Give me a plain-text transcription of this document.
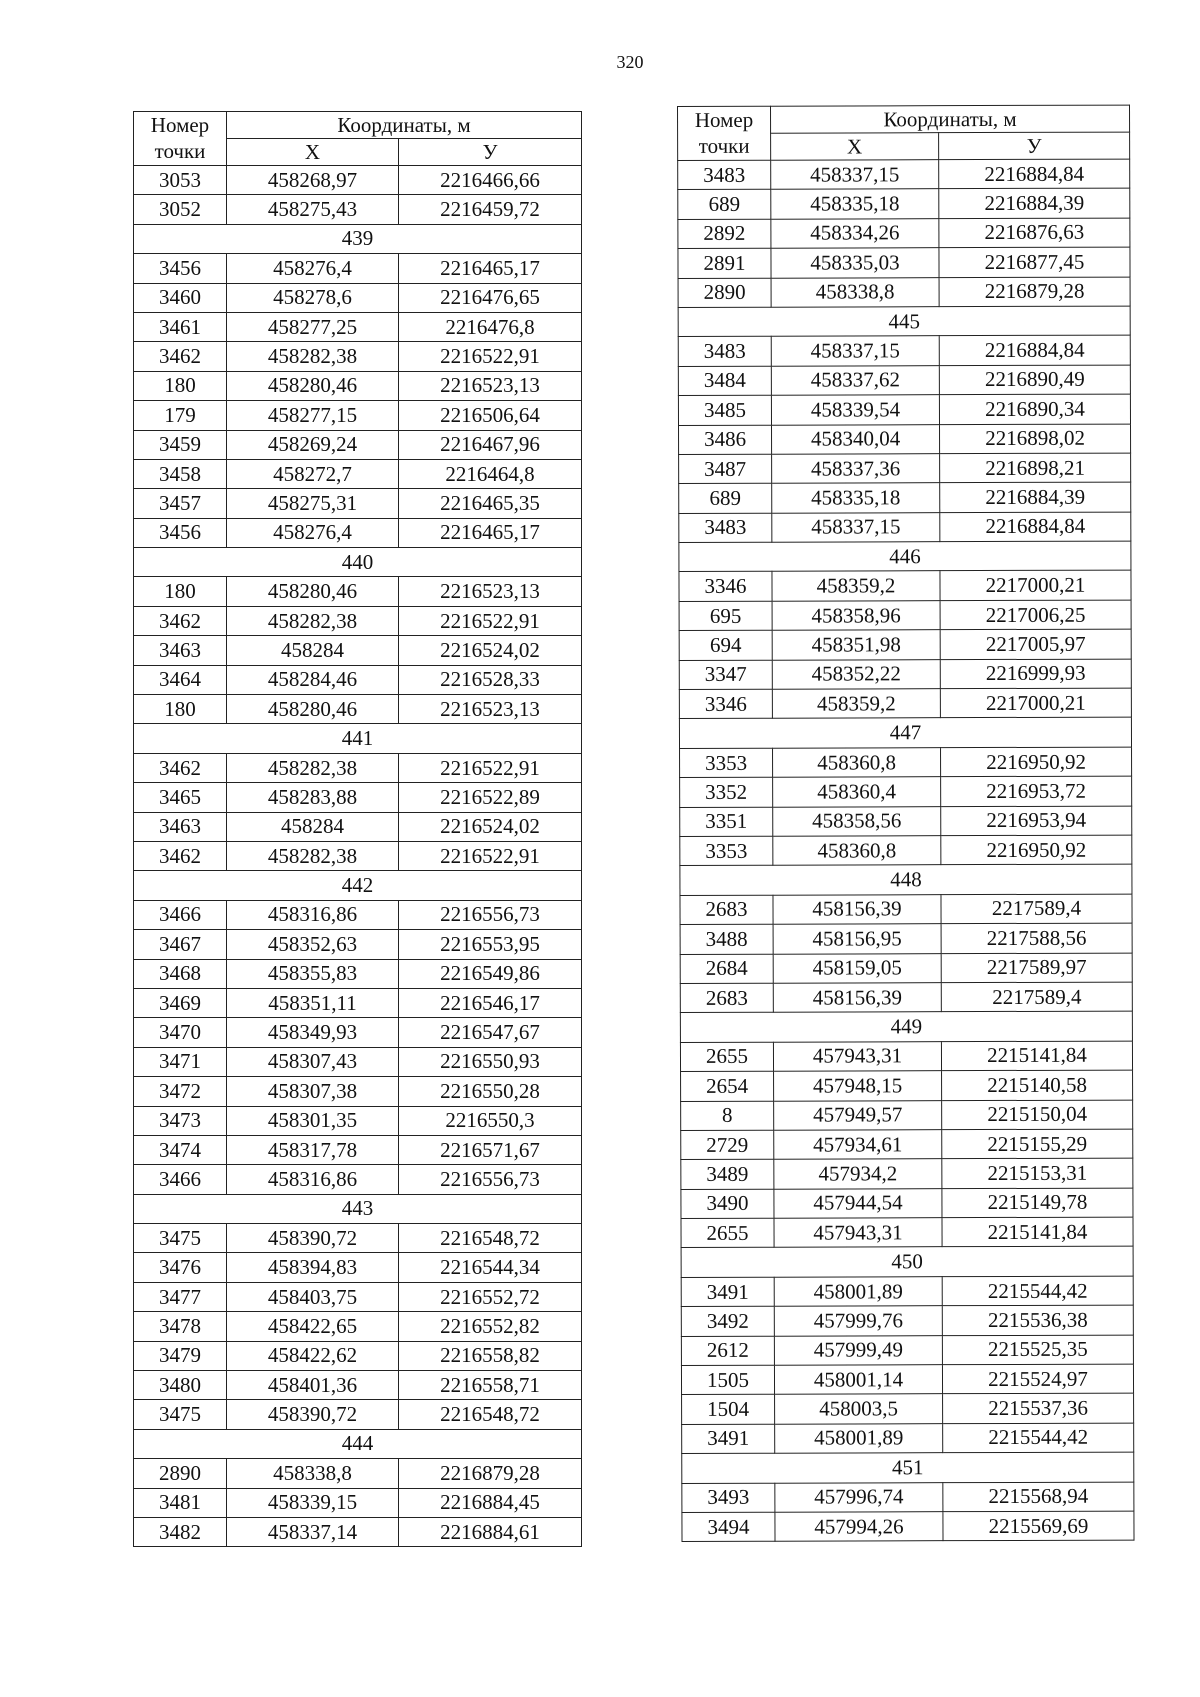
320
Номер
точки	Координаты, м	
	X	У
3053	458268,97	2216466,66
3052	458275,43	2216459,72
439		
3456	458276,4	2216465,17
3460	458278,6	2216476,65
3461	458277,25	2216476,8
3462	458282,38	2216522,91
180	458280,46	2216523,13
179	458277,15	2216506,64
3459	458269,24	2216467,96
3458	458272,7	2216464,8
3457	458275,31	2216465,35
3456	458276,4	2216465,17
440		
180	458280,46	2216523,13
3462	458282,38	2216522,91
3463	458284	2216524,02
3464	458284,46	2216528,33
180	458280,46	2216523,13
441		
3462	458282,38	2216522,91
3465	458283,88	2216522,89
3463	458284	2216524,02
3462	458282,38	2216522,91
442		
3466	458316,86	2216556,73
3467	458352,63	2216553,95
3468	458355,83	2216549,86
3469	458351,11	2216546,17
3470	458349,93	2216547,67
3471	458307,43	2216550,93
3472	458307,38	2216550,28
3473	458301,35	2216550,3
3474	458317,78	2216571,67
3466	458316,86	2216556,73
443		
3475	458390,72	2216548,72
3476	458394,83	2216544,34
3477	458403,75	2216552,72
3478	458422,65	2216552,82
3479	458422,62	2216558,82
3480	458401,36	2216558,71
3475	458390,72	2216548,72
444		
2890	458338,8	2216879,28
3481	458339,15	2216884,45
3482	458337,14	2216884,61
Номер
точки	Координаты, м	
	X	У
3483	458337,15	2216884,84
689	458335,18	2216884,39
2892	458334,26	2216876,63
2891	458335,03	2216877,45
2890	458338,8	2216879,28
445		
3483	458337,15	2216884,84
3484	458337,62	2216890,49
3485	458339,54	2216890,34
3486	458340,04	2216898,02
3487	458337,36	2216898,21
689	458335,18	2216884,39
3483	458337,15	2216884,84
446		
3346	458359,2	2217000,21
695	458358,96	2217006,25
694	458351,98	2217005,97
3347	458352,22	2216999,93
3346	458359,2	2217000,21
447		
3353	458360,8	2216950,92
3352	458360,4	2216953,72
3351	458358,56	2216953,94
3353	458360,8	2216950,92
448		
2683	458156,39	2217589,4
3488	458156,95	2217588,56
2684	458159,05	2217589,97
2683	458156,39	2217589,4
449		
2655	457943,31	2215141,84
2654	457948,15	2215140,58
8	457949,57	2215150,04
2729	457934,61	2215155,29
3489	457934,2	2215153,31
3490	457944,54	2215149,78
2655	457943,31	2215141,84
450		
3491	458001,89	2215544,42
3492	457999,76	2215536,38
2612	457999,49	2215525,35
1505	458001,14	2215524,97
1504	458003,5	2215537,36
3491	458001,89	2215544,42
451		
3493	457996,74	2215568,94
3494	457994,26	2215569,69
